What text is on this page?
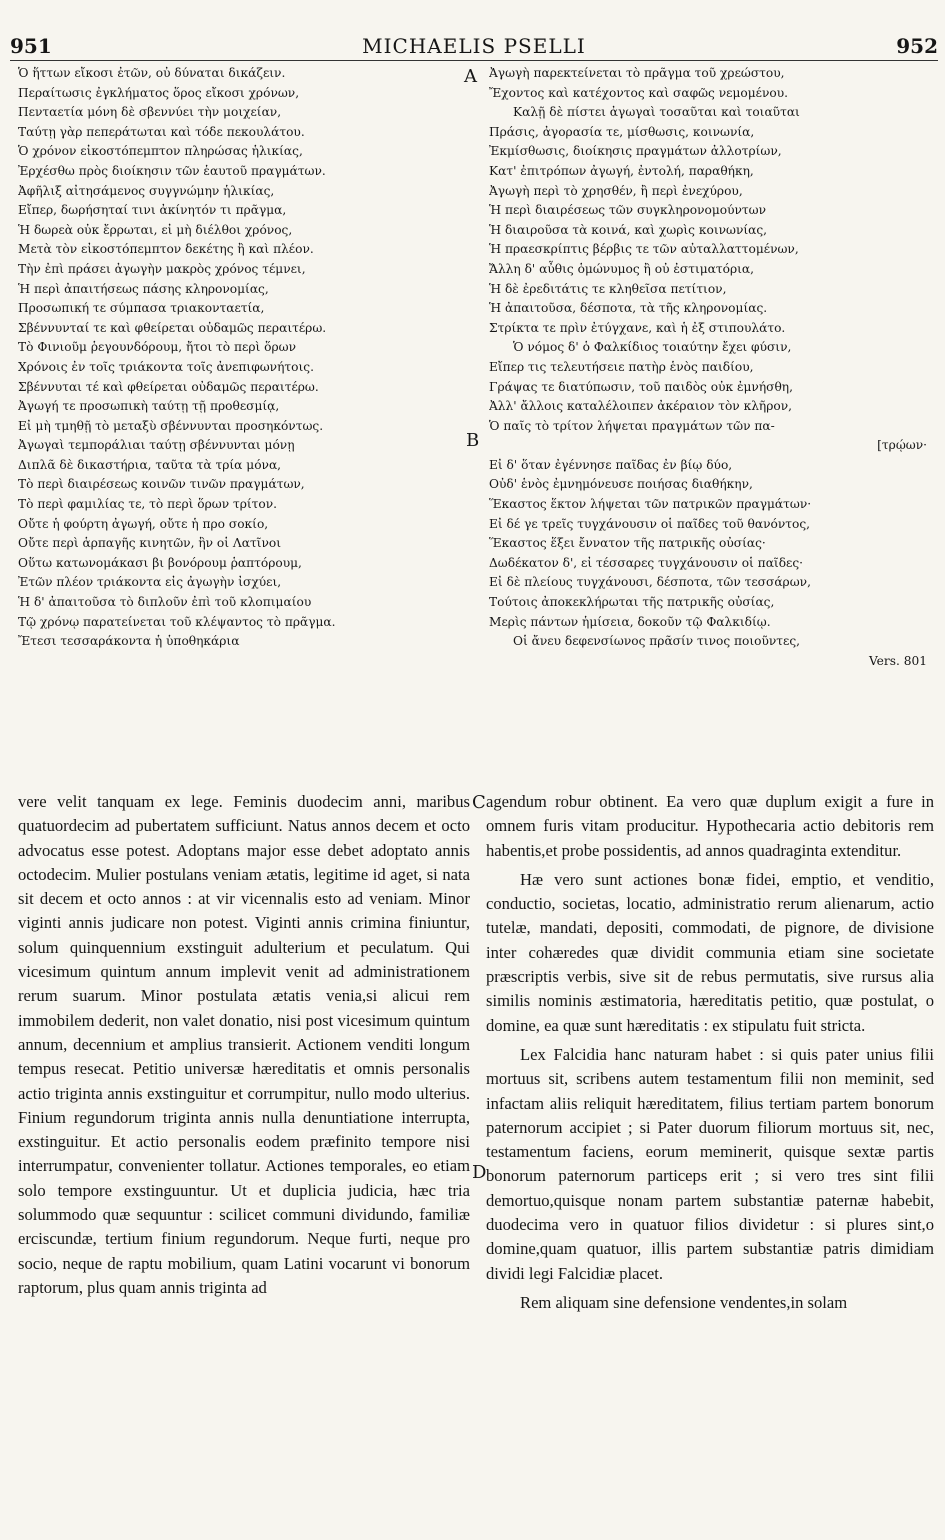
951	MICHAELIS PSELLI	952
A
B
C
D
Ὁ ἥττων εἴκοσι ἐτῶν, οὐ δύναται δικάζειν.
Περαίτωσις ἐγκλήματος ὅρος εἴκοσι χρόνων,
Πενταετία μόνη δὲ σβεννύει τὴν μοιχείαν,
Ταύτῃ γὰρ πεπεράτωται καὶ τόδε πεκουλάτου.
Ὁ χρόνον εἰκοστόπεμπτον πληρώσας ἡλικίας,
Ἐρχέσθω πρὸς διοίκησιν τῶν ἑαυτοῦ πραγμάτων.
Ἀφῆλιξ αἰτησάμενος συγγνώμην ἡλικίας,
Εἴπερ, δωρήσηταί τινι ἀκίνητόν τι πρᾶγμα,
Ἡ δωρεὰ οὐκ ἔρρωται, εἰ μὴ διέλθοι χρόνος,
Μετὰ τὸν εἰκοστόπεμπτον δεκέτης ἢ καὶ πλέον.
Τὴν ἐπὶ πράσει ἀγωγὴν μακρὸς χρόνος τέμνει,
Ἡ περὶ ἀπαιτήσεως πάσης κληρονομίας,
Προσωπική τε σύμπασα τριακονταετία,
Σβέννυνταί τε καὶ φθείρεται οὐδαμῶς περαιτέρω.
Τὸ Φινιοῦμ ῥεγουνδόρουμ, ἤτοι τὸ περὶ ὅρων
Χρόνοις ἐν τοῖς τριάκοντα τοῖς ἀνεπιφωνήτοις.
Σβέννυται τέ καὶ φθείρεται οὐδαμῶς περαιτέρω.
Ἀγωγή τε προσωπικὴ ταύτῃ τῇ προθεσμίᾳ,
Εἰ μὴ τμηθῇ τὸ μεταξὺ σβέννυνται προσηκόντως.
Ἀγωγαὶ τεμποράλιαι ταύτῃ σβέννυνται μόνῃ
Διπλᾶ δὲ δικαστήρια, ταῦτα τὰ τρία μόνα,
Τὸ περὶ διαιρέσεως κοινῶν τινῶν πραγμάτων,
Τὸ περὶ φαμιλίας τε, τὸ περὶ ὅρων τρίτον.
Οὔτε ἡ φούρτη ἀγωγή, οὔτε ἡ προ σοκίο,
Οὔτε περὶ ἁρπαγῆς κινητῶν, ἣν οἱ Λατῖνοι
Οὕτω κατωνομάκασι βι βονόρουμ ῥαπτόρουμ,
Ἐτῶν πλέον τριάκοντα εἰς ἀγωγὴν ἰσχύει,
Ἡ δ' ἀπαιτοῦσα τὸ διπλοῦν ἐπὶ τοῦ κλοπιμαίου
Τῷ χρόνῳ παρατείνεται τοῦ κλέψαντος τὸ πρᾶγμα.
Ἔτεσι τεσσαράκοντα ἡ ὑποθηκάρια
Ἀγωγὴ παρεκτείνεται τὸ πρᾶγμα τοῦ χρεώστου,
Ἔχοντος καὶ κατέχοντος καὶ σαφῶς νεμομένου.
Καλῇ δὲ πίστει ἀγωγαὶ τοσαῦται καὶ τοιαῦται
Πράσις, ἀγορασία τε, μίσθωσις, κοινωνία,
Ἐκμίσθωσις, διοίκησις πραγμάτων ἀλλοτρίων,
Κατ' ἐπιτρόπων ἀγωγή, ἐντολή, παραθήκη,
Ἀγωγὴ περὶ τὸ χρησθέν, ἢ περὶ ἐνεχύρου,
Ἡ περὶ διαιρέσεως τῶν συγκληρονομούντων
Ἡ διαιροῦσα τὰ κοινά, καὶ χωρὶς κοινωνίας,
Ἡ πραεσκρίπτις βέρβις τε τῶν αὐταλλαττομένων,
Ἄλλη δ' αὖθις ὁμώνυμος ἢ οὐ ἐστιματόρια,
Ἡ δὲ ἐρεδιτάτις τε κληθεῖσα πετίτιον,
Ἡ ἀπαιτοῦσα, δέσποτα, τὰ τῆς κληρονομίας.
Στρίκτα τε πρὶν ἐτύγχανε, καὶ ἡ ἐξ στιπουλάτο.
Ὁ νόμος δ' ὁ Φαλκίδιος τοιαύτην ἔχει φύσιν,
Εἴπερ τις τελευτήσειε πατὴρ ἑνὸς παιδίου,
Γράψας τε διατύπωσιν, τοῦ παιδὸς οὐκ ἐμνήσθη,
Ἀλλ' ἄλλοις καταλέλοιπεν ἀκέραιον τὸν κλῆρον,
Ὁ παῖς τὸ τρίτον λήψεται πραγμάτων τῶν πα-
[τρῴων·
Εἰ δ' ὅταν ἐγέννησε παῖδας ἐν βίῳ δύο,
Οὐδ' ἑνὸς ἐμνημόνευσε ποιήσας διαθήκην,
Ἕκαστος ἕκτον λήψεται τῶν πατρικῶν πραγμάτων·
Εἰ δέ γε τρεῖς τυγχάνουσιν οἱ παῖδες τοῦ θανόντος,
Ἕκαστος ἕξει ἔννατον τῆς πατρικῆς οὐσίας·
Δωδέκατον δ', εἰ τέσσαρες τυγχάνουσιν οἱ παῖδες·
Εἰ δὲ πλείους τυγχάνουσι, δέσποτα, τῶν τεσσάρων,
Τούτοις ἀποκεκλήρωται τῆς πατρικῆς οὐσίας,
Μερὶς πάντων ἡμίσεια, δοκοῦν τῷ Φαλκιδίῳ.
Οἱ ἄνευ δεφενσίωνος πρᾶσίν τινος ποιοῦντες,
Vers. 801

vere velit tanquam ex lege. Feminis duodecim anni, maribus quatuordecim ad pubertatem sufficiunt. Natus annos decem et octo advocatus esse potest. Adoptans major esse debet adoptato annis octodecim. Mulier postulans veniam ætatis, legitime id aget, si nata sit decem et octo annos : at vir vicennalis esto ad veniam. Minor viginti annis judicare non potest. Viginti annis crimina finiuntur, solum quinquennium exstinguit adulterium et peculatum. Qui vicesimum quintum annum implevit venit ad administrationem rerum suarum. Minor postulata ætatis venia,si alicui rem immobilem dederit, non valet donatio, nisi post vicesimum quintum annum, decennium et amplius transierit. Actionem venditi longum tempus resecat. Petitio universæ hæreditatis et omnis personalis actio triginta annis exstinguitur et corrumpitur, nullo modo ulterius. Finium regundorum triginta annis nulla denuntiatione interrupta, exstinguitur. Et actio personalis eodem præfinito tempore nisi interrumpatur, convenienter tollatur. Actiones temporales, eo etiam solo tempore exstinguuntur. Ut et duplicia judicia, hæc tria solummodo quæ sequuntur : scilicet communi dividundo, familiæ erciscundæ, tertium finium regundorum. Neque furti, neque pro socio, neque de raptu mobilium, quam Latini vocarunt vi bonorum raptorum, plus quam annis triginta ad

agendum robur obtinent. Ea vero quæ duplum exigit a fure in omnem furis vitam producitur. Hypothecaria actio debitoris rem habentis,et probe possidentis, ad annos quadraginta extenditur.

Hæ vero sunt actiones bonæ fidei, emptio, et venditio, conductio, societas, locatio, administratio rerum alienarum, actio tutelæ, mandati, depositi, commodati, de pignore, de divisione inter cohæredes quæ dividit communia etiam sine societate præscriptis verbis, sive sit de rebus permutatis, sive rursus alia similis nominis æstimatoria, hæreditatis petitio, quæ postulat, o domine, ea quæ sunt hæreditatis : ex stipulatu fuit stricta.

Lex Falcidia hanc naturam habet : si quis pater unius filii mortuus sit, scribens autem testamentum filii non meminit, sed infactam aliis reliquit hæreditatem, filius tertiam partem bonorum paternorum accipiet ; si Pater duorum filiorum mortuus sit, nec, testamentum faciens, eorum meminerit, quisque sextæ partis bonorum paternorum particeps erit ; si vero tres sint filii demortuo,quisque nonam partem substantiæ paternæ habebit, duodecima vero in quatuor filios dividetur : si plures sint,o domine,quam quatuor, illis partem substantiæ patris dimidiam dividi legi Falcidiæ placet.

Rem aliquam sine defensione vendentes,in solam
